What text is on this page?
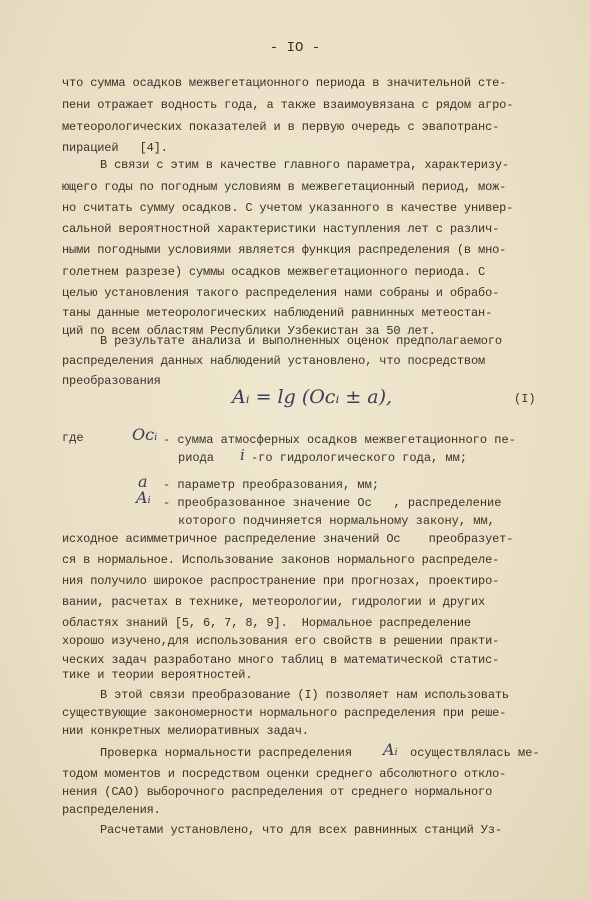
- IO -
что сумма осадков межвегетационного периода в значительной сте-
пени отражает водность года, а также взаимоувязана с рядом агро-
метеорологических показателей и в первую очередь с эвапотранс-
пирацией   [4].
В связи с этим в качестве главного параметра, характеризу-
ющего годы по погодным условиям в межвегетационный период, мож-
но считать сумму осадков. С учетом указанного в качестве универ-
сальной вероятностной характеристики наступления лет с различ-
ными погодными условиями является функция распределения (в мно-
голетнем разрезе) суммы осадков межвегетационного периода. С
целью установления такого распределения нами собраны и обрабо-
таны данные метеорологических наблюдений равнинных метеостан-
ций по всем областям Республики Узбекистан за 50 лет.
В результате анализа и выполненных оценок предполагаемого
распределения данных наблюдений установлено, что посредством
преобразования
Aᵢ = lg (Oᴄᵢ ± a),	(I)
где	Oᴄᵢ - сумма атмосферных осадков межвегетационного пе-
риода i -го гидрологического года, мм;
a - параметр преобразования, мм;
Aᵢ - преобразованное значение Oc   , распределение
которого подчиняется нормальному закону, мм,
исходное асимметричное распределение значений Oc    преобразует-
ся в нормальное. Использование законов нормального распределе-
ния получило широкое распространение при прогнозах, проектиро-
вании, расчетах в технике, метеорологии, гидрологии и других
областях знаний [5, 6, 7, 8, 9].  Нормальное распределение
хорошо изучено,для использования его свойств в решении практи-
ческих задач разработано много таблиц в математической статис-
тике и теории вероятностей.
В этой связи преобразование (I) позволяет нам использовать
существующие закономерности нормального распределения при реше-
нии конкретных мелиоративных задач.
Проверка нормальности распределения Aᵢ осуществлялась ме-
тодом моментов и посредством оценки среднего абсолютного откло-
нения (САО) выборочного распределения от среднего нормального
распределения.
Расчетами установлено, что для всех равнинных станций Уз-
